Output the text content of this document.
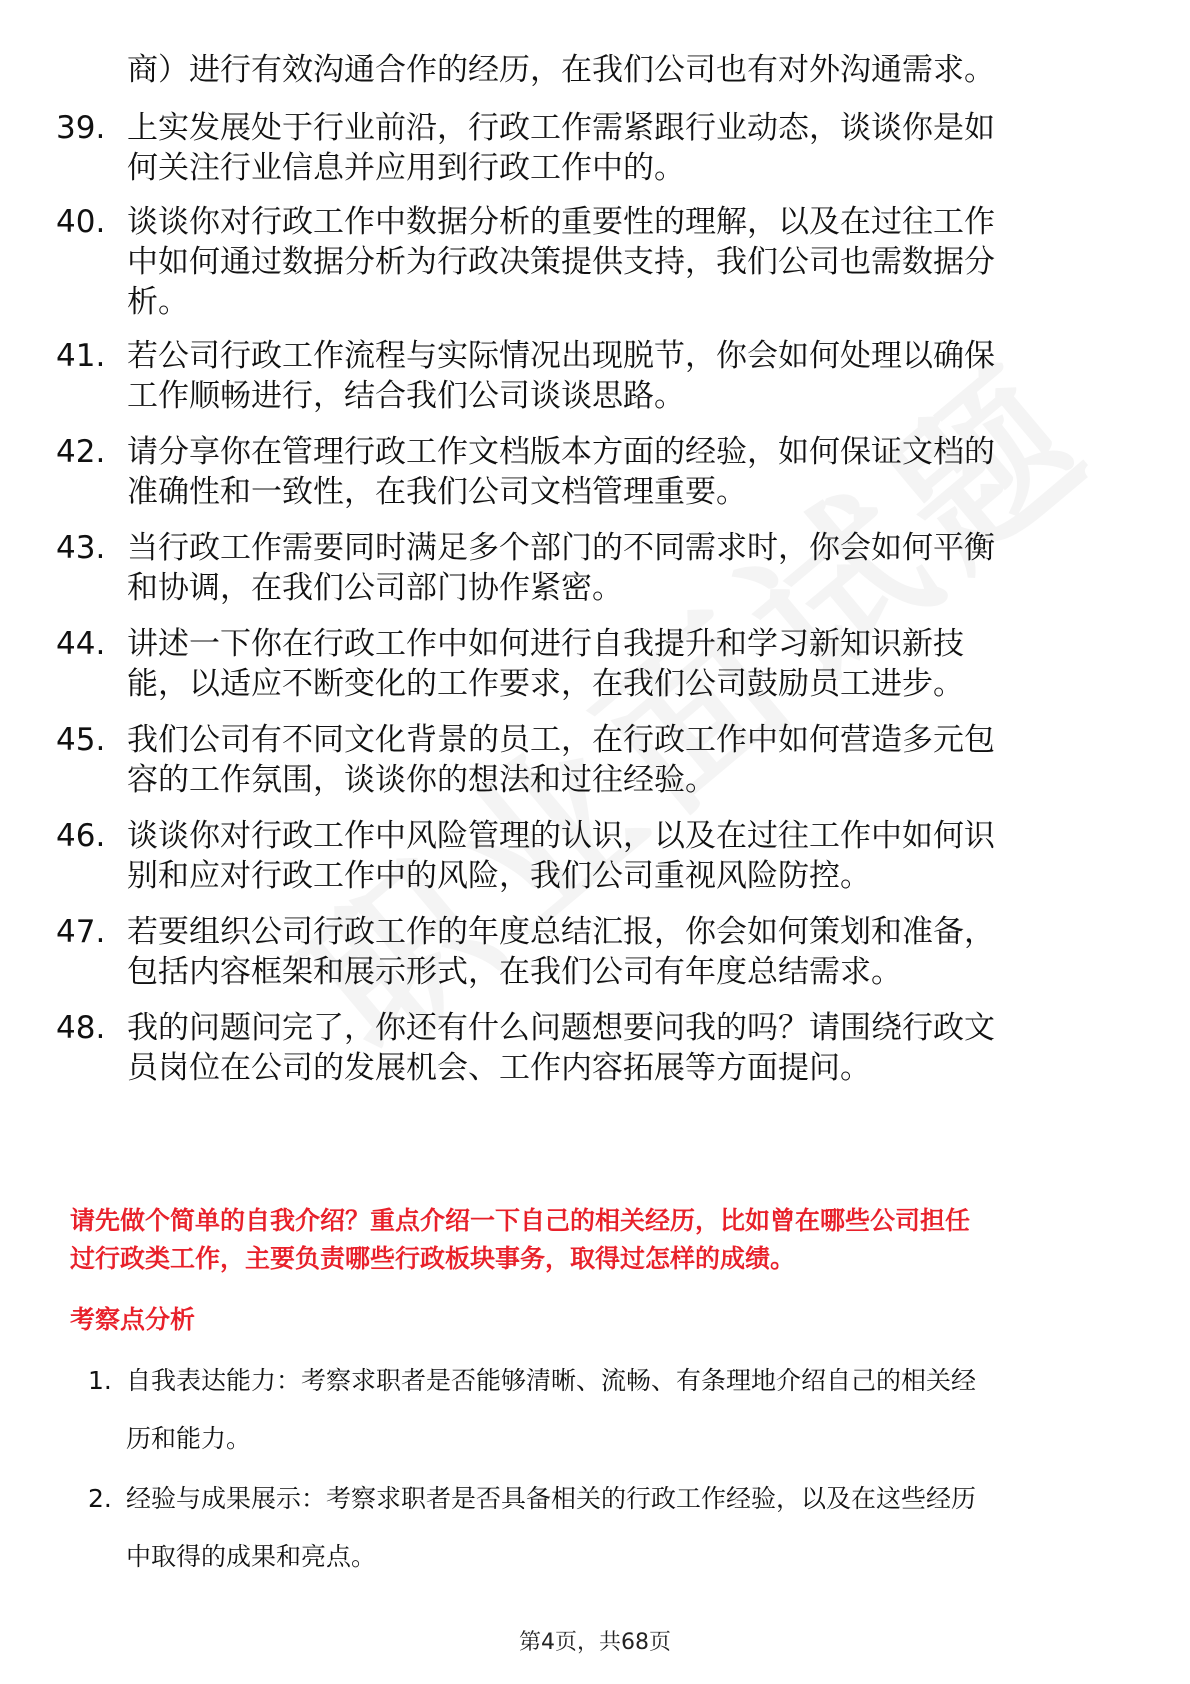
商）进行有效沟通合作的经历，在我们公司也有对外沟通需求。
39. 上实发展处于行业前沿，行政工作需紧跟行业动态，谈谈你是如
何关注行业信息并应用到行政工作中的。
40. 谈谈你对行政工作中数据分析的重要性的理解，以及在过往工作
中如何通过数据分析为行政决策提供支持，我们公司也需数据分
析。
41. 若公司行政工作流程与实际情况出现脱节，你会如何处理以确保
工作顺畅进行，结合我们公司谈谈思路。
42. 请分享你在管理行政工作文档版本方面的经验，如何保证文档的
准确性和一致性，在我们公司文档管理重要。
43. 当行政工作需要同时满足多个部门的不同需求时，你会如何平衡
和协调，在我们公司部门协作紧密。
44. 讲述一下你在行政工作中如何进行自我提升和学习新知识新技
能，以适应不断变化的工作要求，在我们公司鼓励员工进步。
45. 我们公司有不同文化背景的员工，在行政工作中如何营造多元包
容的工作氛围，谈谈你的想法和过往经验。
46. 谈谈你对行政工作中风险管理的认识，以及在过往工作中如何识
别和应对行政工作中的风险，我们公司重视风险防控。
47. 若要组织公司行政工作的年度总结汇报，你会如何策划和准备，
包括内容框架和展示形式，在我们公司有年度总结需求。
48. 我的问题问完了，你还有什么问题想要问我的吗？请围绕行政文
员岗位在公司的发展机会、工作内容拓展等方面提问。
请先做个简单的自我介绍？重点介绍一下自己的相关经历，比如曾在哪些公司担任
过行政类工作，主要负责哪些行政板块事务，取得过怎样的成绩。
考察点分析
1. 自我表达能力：考察求职者是否能够清晰、流畅、有条理地介绍自己的相关经
历和能力。
2. 经验与成果展示：考察求职者是否具备相关的行政工作经验，以及在这些经历
中取得的成果和亮点。
第4页，共68页
